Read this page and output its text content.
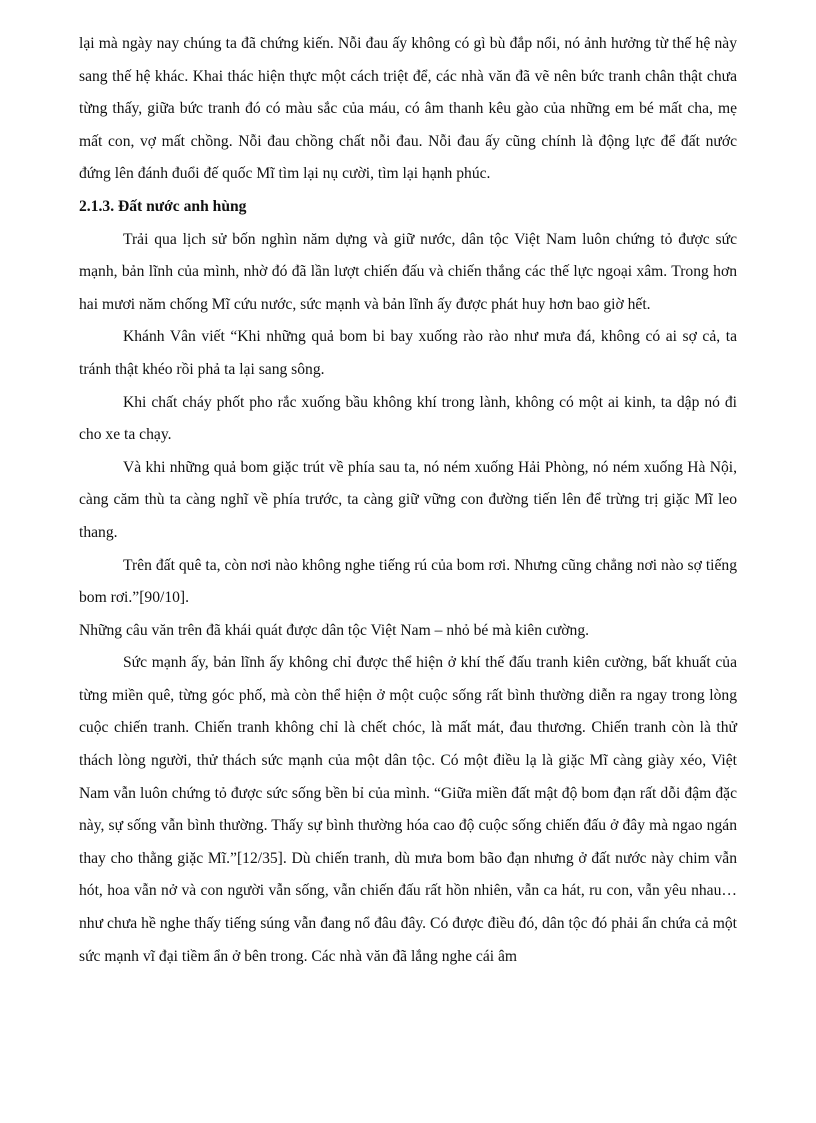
lại mà ngày nay chúng ta đã chứng kiến. Nỗi đau ấy không có gì bù đắp nổi, nó ảnh hưởng từ thế hệ này sang thế hệ khác. Khai thác hiện thực một cách triệt để, các nhà văn đã vẽ nên bức tranh chân thật chưa từng thấy, giữa bức tranh đó có màu sắc của máu, có âm thanh kêu gào của những em bé mất cha, mẹ mất con, vợ mất chồng. Nỗi đau chồng chất nỗi đau. Nỗi đau ấy cũng chính là động lực để đất nước đứng lên đánh đuổi đế quốc Mĩ tìm lại nụ cười, tìm lại hạnh phúc.

2.1.3. Đất nước anh hùng

Trải qua lịch sử bốn nghìn năm dựng và giữ nước, dân tộc Việt Nam luôn chứng tỏ được sức mạnh, bản lĩnh của mình, nhờ đó đã lần lượt chiến đấu và chiến thắng các thế lực ngoại xâm. Trong hơn hai mươi năm chống Mĩ cứu nước, sức mạnh và bản lĩnh ấy được phát huy hơn bao giờ hết.

Khánh Vân viết “Khi những quả bom bi bay xuống rào rào như mưa đá, không có ai sợ cả, ta tránh thật khéo rồi phả ta lại sang sông.

Khi chất cháy phốt pho rắc xuống bầu không khí trong lành, không có một ai kinh, ta dập nó đi cho xe ta chạy.

Và khi những quả bom giặc trút về phía sau ta, nó ném xuống Hải Phòng, nó ném xuống Hà Nội, càng căm thù ta càng nghĩ về phía trước, ta càng giữ vững con đường tiến lên để trừng trị giặc Mĩ leo thang.

Trên đất quê ta, còn nơi nào không nghe tiếng rú của bom rơi. Nhưng cũng chẳng nơi nào sợ tiếng bom rơi.”[90/10].

Những câu văn trên đã khái quát được dân tộc Việt Nam – nhỏ bé mà kiên cường.

Sức mạnh ấy, bản lĩnh ấy không chỉ được thể hiện ở khí thế đấu tranh kiên cường, bất khuất của từng miền quê, từng góc phố, mà còn thể hiện ở một cuộc sống rất bình thường diễn ra ngay trong lòng cuộc chiến tranh. Chiến tranh không chỉ là chết chóc, là mất mát, đau thương. Chiến tranh còn là thử thách lòng người, thử thách sức mạnh của một dân tộc. Có một điều lạ là giặc Mĩ càng giày xéo, Việt Nam vẫn luôn chứng tỏ được sức sống bền bỉ của mình. “Giữa miền đất mật độ bom đạn rất dỗi đậm đặc này, sự sống vẫn bình thường. Thấy sự bình thường hóa cao độ cuộc sống chiến đấu ở đây mà ngao ngán thay cho thằng giặc Mĩ.”[12/35]. Dù chiến tranh, dù mưa bom bão đạn nhưng ở đất nước này chim vẫn hót, hoa vẫn nở và con người vẫn sống, vẫn chiến đấu rất hồn nhiên, vẫn ca hát, ru con, vẫn yêu nhau…như chưa hề nghe thấy tiếng súng vẫn đang nổ đâu đây. Có được điều đó, dân tộc đó phải ẩn chứa cả một sức mạnh vĩ đại tiềm ẩn ở bên trong. Các nhà văn đã lắng nghe cái âm
